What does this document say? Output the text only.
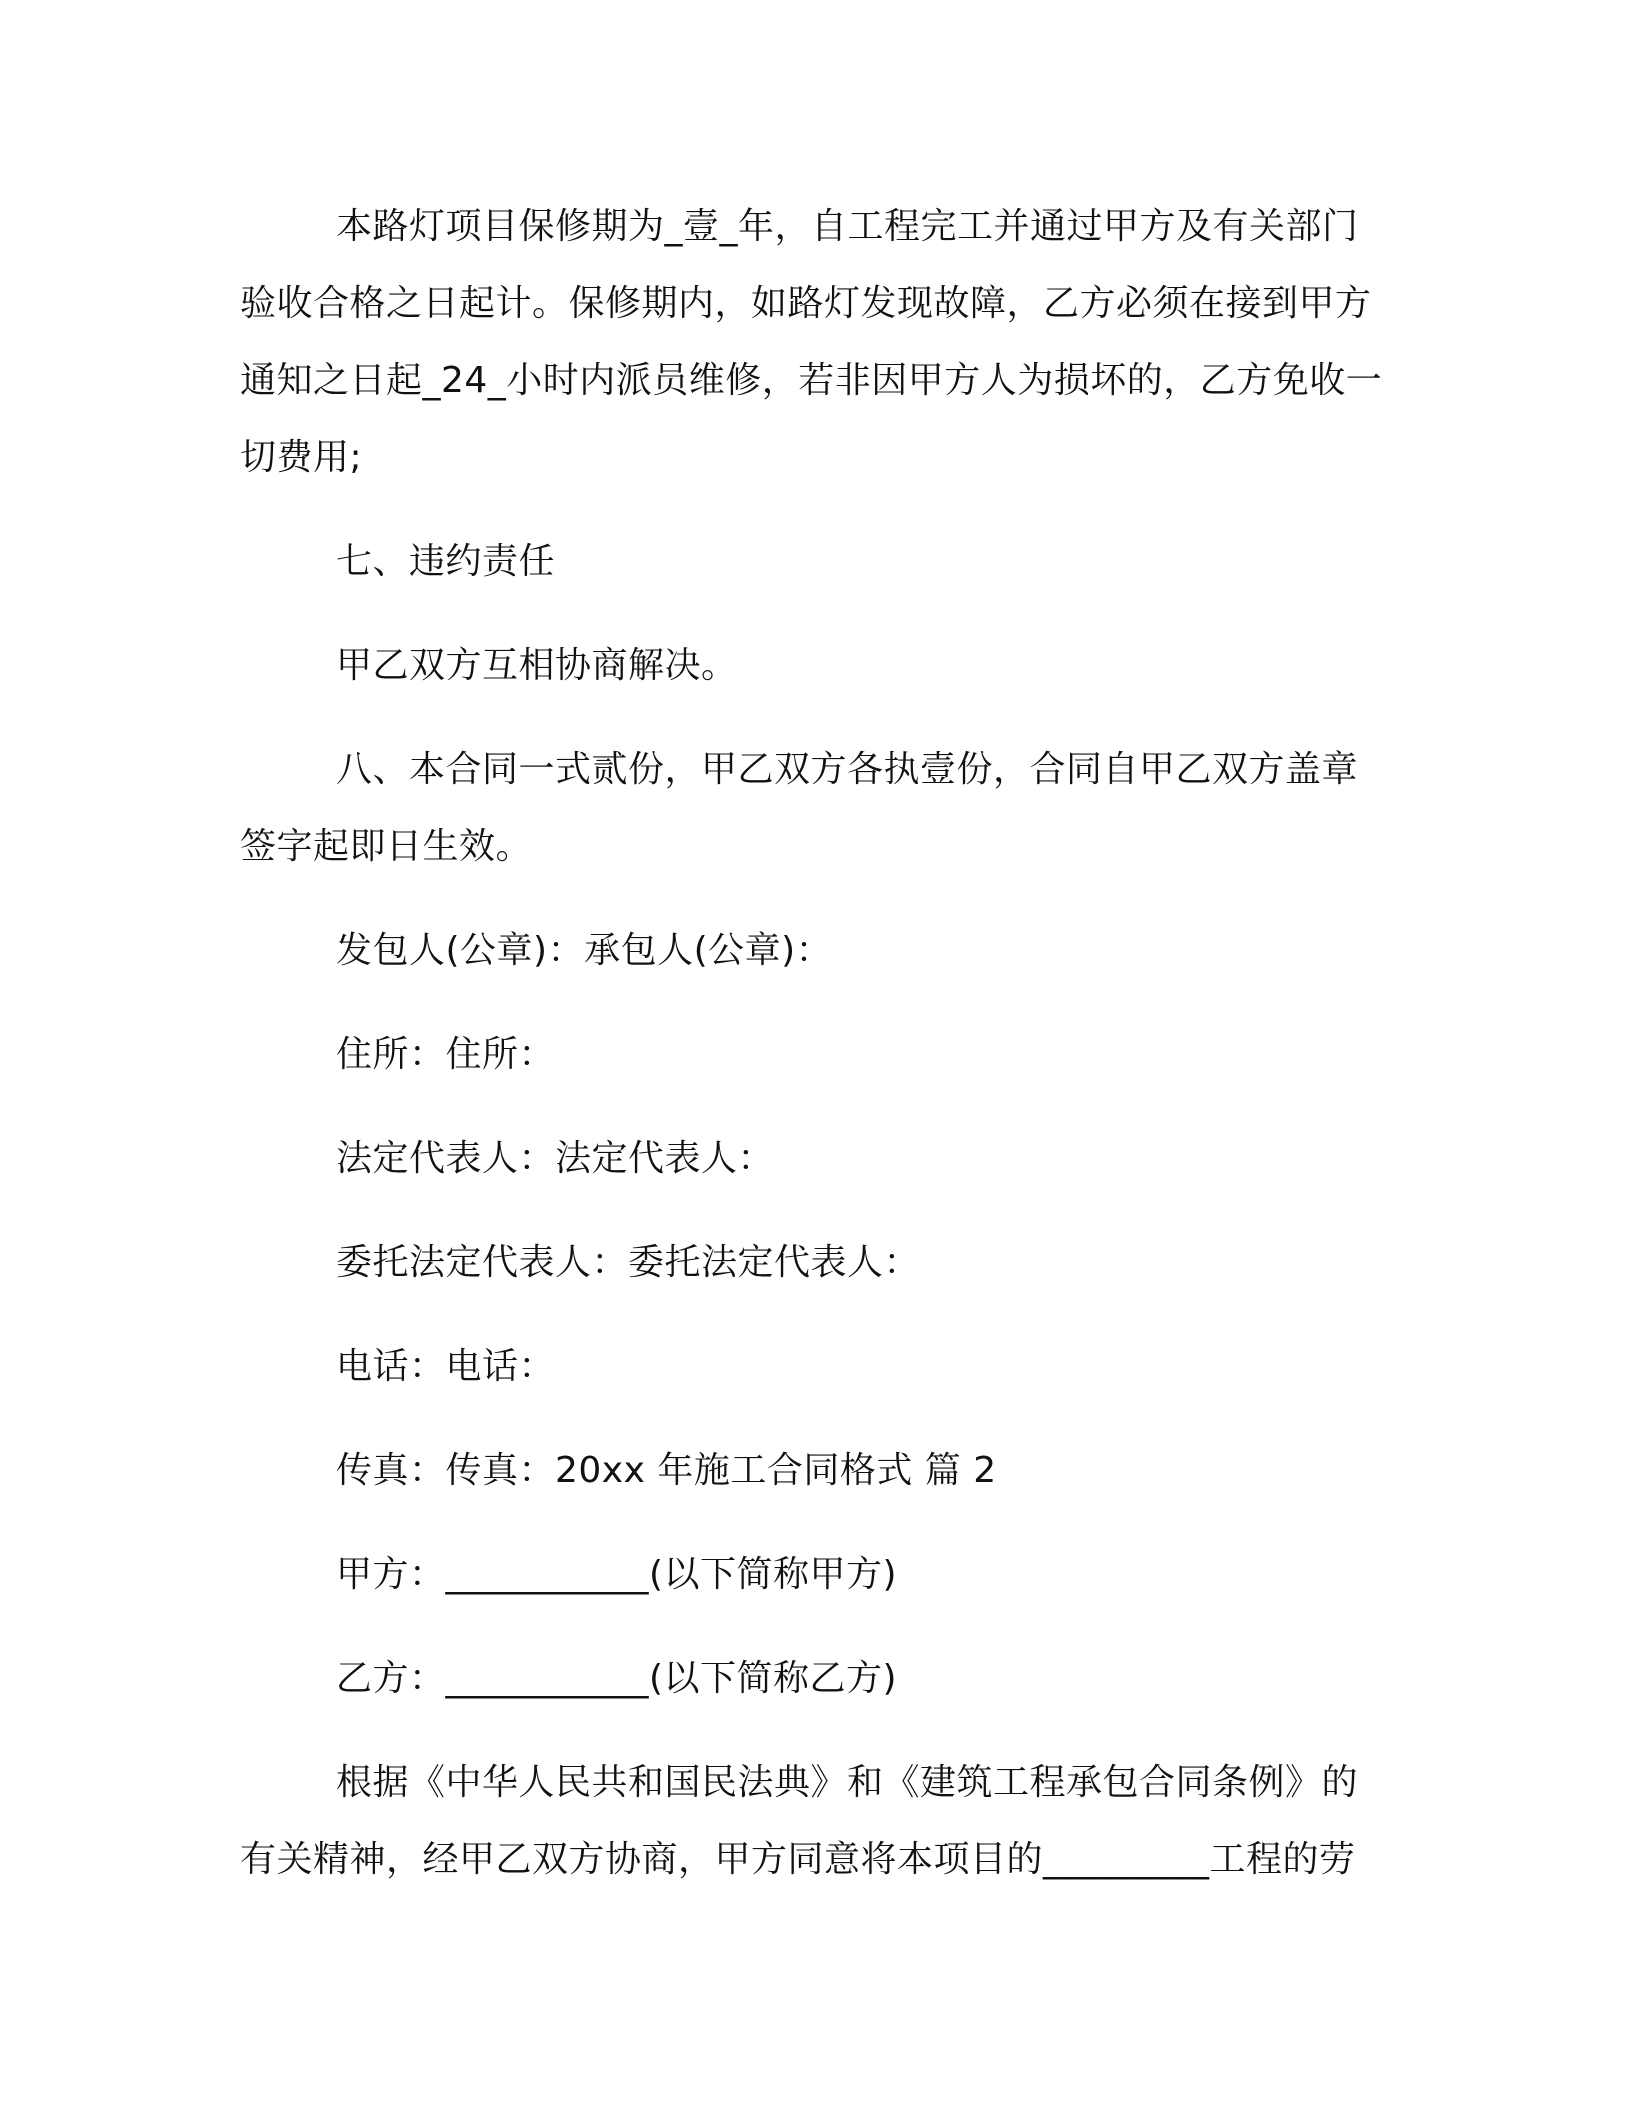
本路灯项目保修期为_壹_年，自工程完工并通过甲方及有关部门验收合格之日起计。保修期内，如路灯发现故障，乙方必须在接到甲方通知之日起_24_小时内派员维修，若非因甲方人为损坏的，乙方免收一切费用;

七、违约责任

甲乙双方互相协商解决。

八、本合同一式贰份，甲乙双方各执壹份，合同自甲乙双方盖章签字起即日生效。

发包人(公章)：承包人(公章)：

住所：住所：

法定代表人：法定代表人：

委托法定代表人：委托法定代表人：

电话：电话：

传真：传真：20xx 年施工合同格式 篇 2

甲方：___________(以下简称甲方)

乙方：___________(以下简称乙方)

根据《中华人民共和国民法典》和《建筑工程承包合同条例》的有关精神，经甲乙双方协商，甲方同意将本项目的_________工程的劳
